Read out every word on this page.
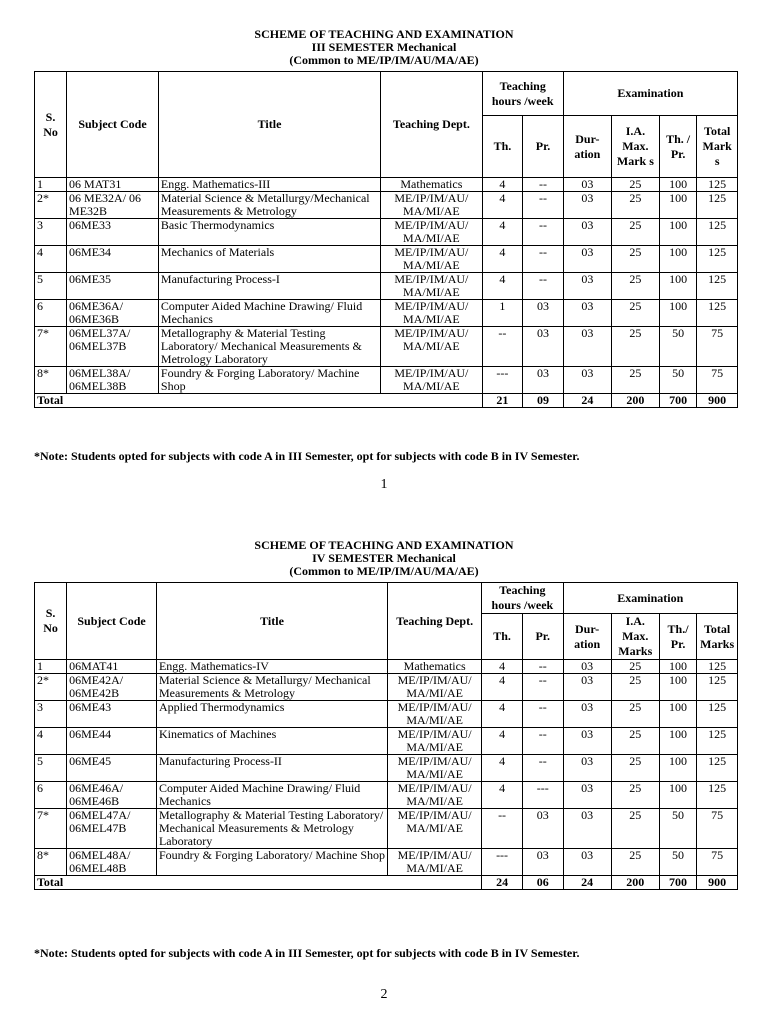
SCHEME OF TEACHING AND EXAMINATION
III SEMESTER Mechanical
(Common to ME/IP/IM/AU/MA/AE)
S. No	Subject Code	Title	Teaching Dept.	Teaching hours /week		Examination			
				Th.	Pr.	Dur- ation	I.A. Max. Mark s	Th. / Pr.	Total Mark s
1	06 MAT31	Engg. Mathematics-III	Mathematics	4	--	03	25	100	125
2*	06 ME32A/ 06 ME32B	Material Science & Metallurgy/Mechanical Measurements & Metrology	ME/IP/IM/AU/ MA/MI/AE	4	--	03	25	100	125
3	06ME33	Basic Thermodynamics	ME/IP/IM/AU/ MA/MI/AE	4	--	03	25	100	125
4	06ME34	Mechanics of Materials	ME/IP/IM/AU/ MA/MI/AE	4	--	03	25	100	125
5	06ME35	Manufacturing Process-I	ME/IP/IM/AU/ MA/MI/AE	4	--	03	25	100	125
6	06ME36A/ 06ME36B	Computer Aided Machine Drawing/ Fluid Mechanics	ME/IP/IM/AU/ MA/MI/AE	1	03	03	25	100	125
7*	06MEL37A/ 06MEL37B	Metallography & Material Testing Laboratory/ Mechanical Measurements & Metrology Laboratory	ME/IP/IM/AU/ MA/MI/AE	--	03	03	25	50	75
8*	06MEL38A/ 06MEL38B	Foundry & Forging Laboratory/ Machine Shop	ME/IP/IM/AU/ MA/MI/AE	---	03	03	25	50	75
Total				21	09	24	200	700	900
*Note: Students opted for subjects with code A in III Semester, opt for subjects with code B in IV Semester.
1
SCHEME OF TEACHING AND EXAMINATION
IV SEMESTER Mechanical
(Common to ME/IP/IM/AU/MA/AE)
S. No	Subject Code	Title	Teaching Dept.	Teaching hours /week		Examination			
				Th.	Pr.	Dur- ation	I.A. Max. Marks	Th./ Pr.	Total Marks
1	06MAT41	Engg. Mathematics-IV	Mathematics	4	--	03	25	100	125
2*	06ME42A/ 06ME42B	Material Science & Metallurgy/ Mechanical Measurements & Metrology	ME/IP/IM/AU/ MA/MI/AE	4	--	03	25	100	125
3	06ME43	Applied Thermodynamics	ME/IP/IM/AU/ MA/MI/AE	4	--	03	25	100	125
4	06ME44	Kinematics of Machines	ME/IP/IM/AU/ MA/MI/AE	4	--	03	25	100	125
5	06ME45	Manufacturing Process-II	ME/IP/IM/AU/ MA/MI/AE	4	--	03	25	100	125
6	06ME46A/ 06ME46B	Computer Aided Machine Drawing/ Fluid Mechanics	ME/IP/IM/AU/ MA/MI/AE	4	---	03	25	100	125
7*	06MEL47A/ 06MEL47B	Metallography & Material Testing Laboratory/ Mechanical Measurements & Metrology Laboratory	ME/IP/IM/AU/ MA/MI/AE	--	03	03	25	50	75
8*	06MEL48A/ 06MEL48B	Foundry & Forging Laboratory/ Machine Shop	ME/IP/IM/AU/ MA/MI/AE	---	03	03	25	50	75
Total				24	06	24	200	700	900
*Note: Students opted for subjects with code A in III Semester, opt for subjects with code B in IV Semester.
2
